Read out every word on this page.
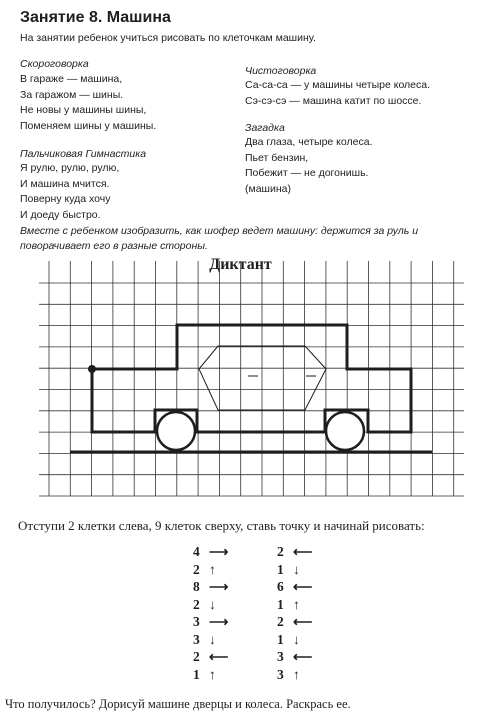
Занятие 8. Машина
На занятии ребенок учиться рисовать по клеточкам машину.
Скороговорка
В гараже — машина,
За гаражом — шины.
Не новы у машины шины,
Поменяем шины у машины.
Пальчиковая Гимнастика
Я рулю, рулю, рулю,
И машина мчится.
Поверну куда хочу
И доеду быстро.
Чистоговорка
Са-са-са — у машины четыре колеса.
Сэ-сэ-сэ — машина катит по шоссе.
Загадка
Два глаза, четыре колеса.
Пьет бензин,
Побежит — не догонишь.
(машина)
Вместе с ребенком изобразить, как шофер ведет машину: держится за руль и
поворачивает его в разные стороны.
Диктант
Отступи 2 клетки слева, 9 клеток сверху, ставь точку и начинай рисовать:
4 ⟶
2 ↑
8 ⟶
2 ↓
3 ⟶
3 ↓
2 ⟵
1 ↑
2 ⟵
1 ↓
6 ⟵
1 ↑
2 ⟵
1 ↓
3 ⟵
3 ↑
Что получилось? Дорисуй машине дверцы и колеса. Раскрась ее.
